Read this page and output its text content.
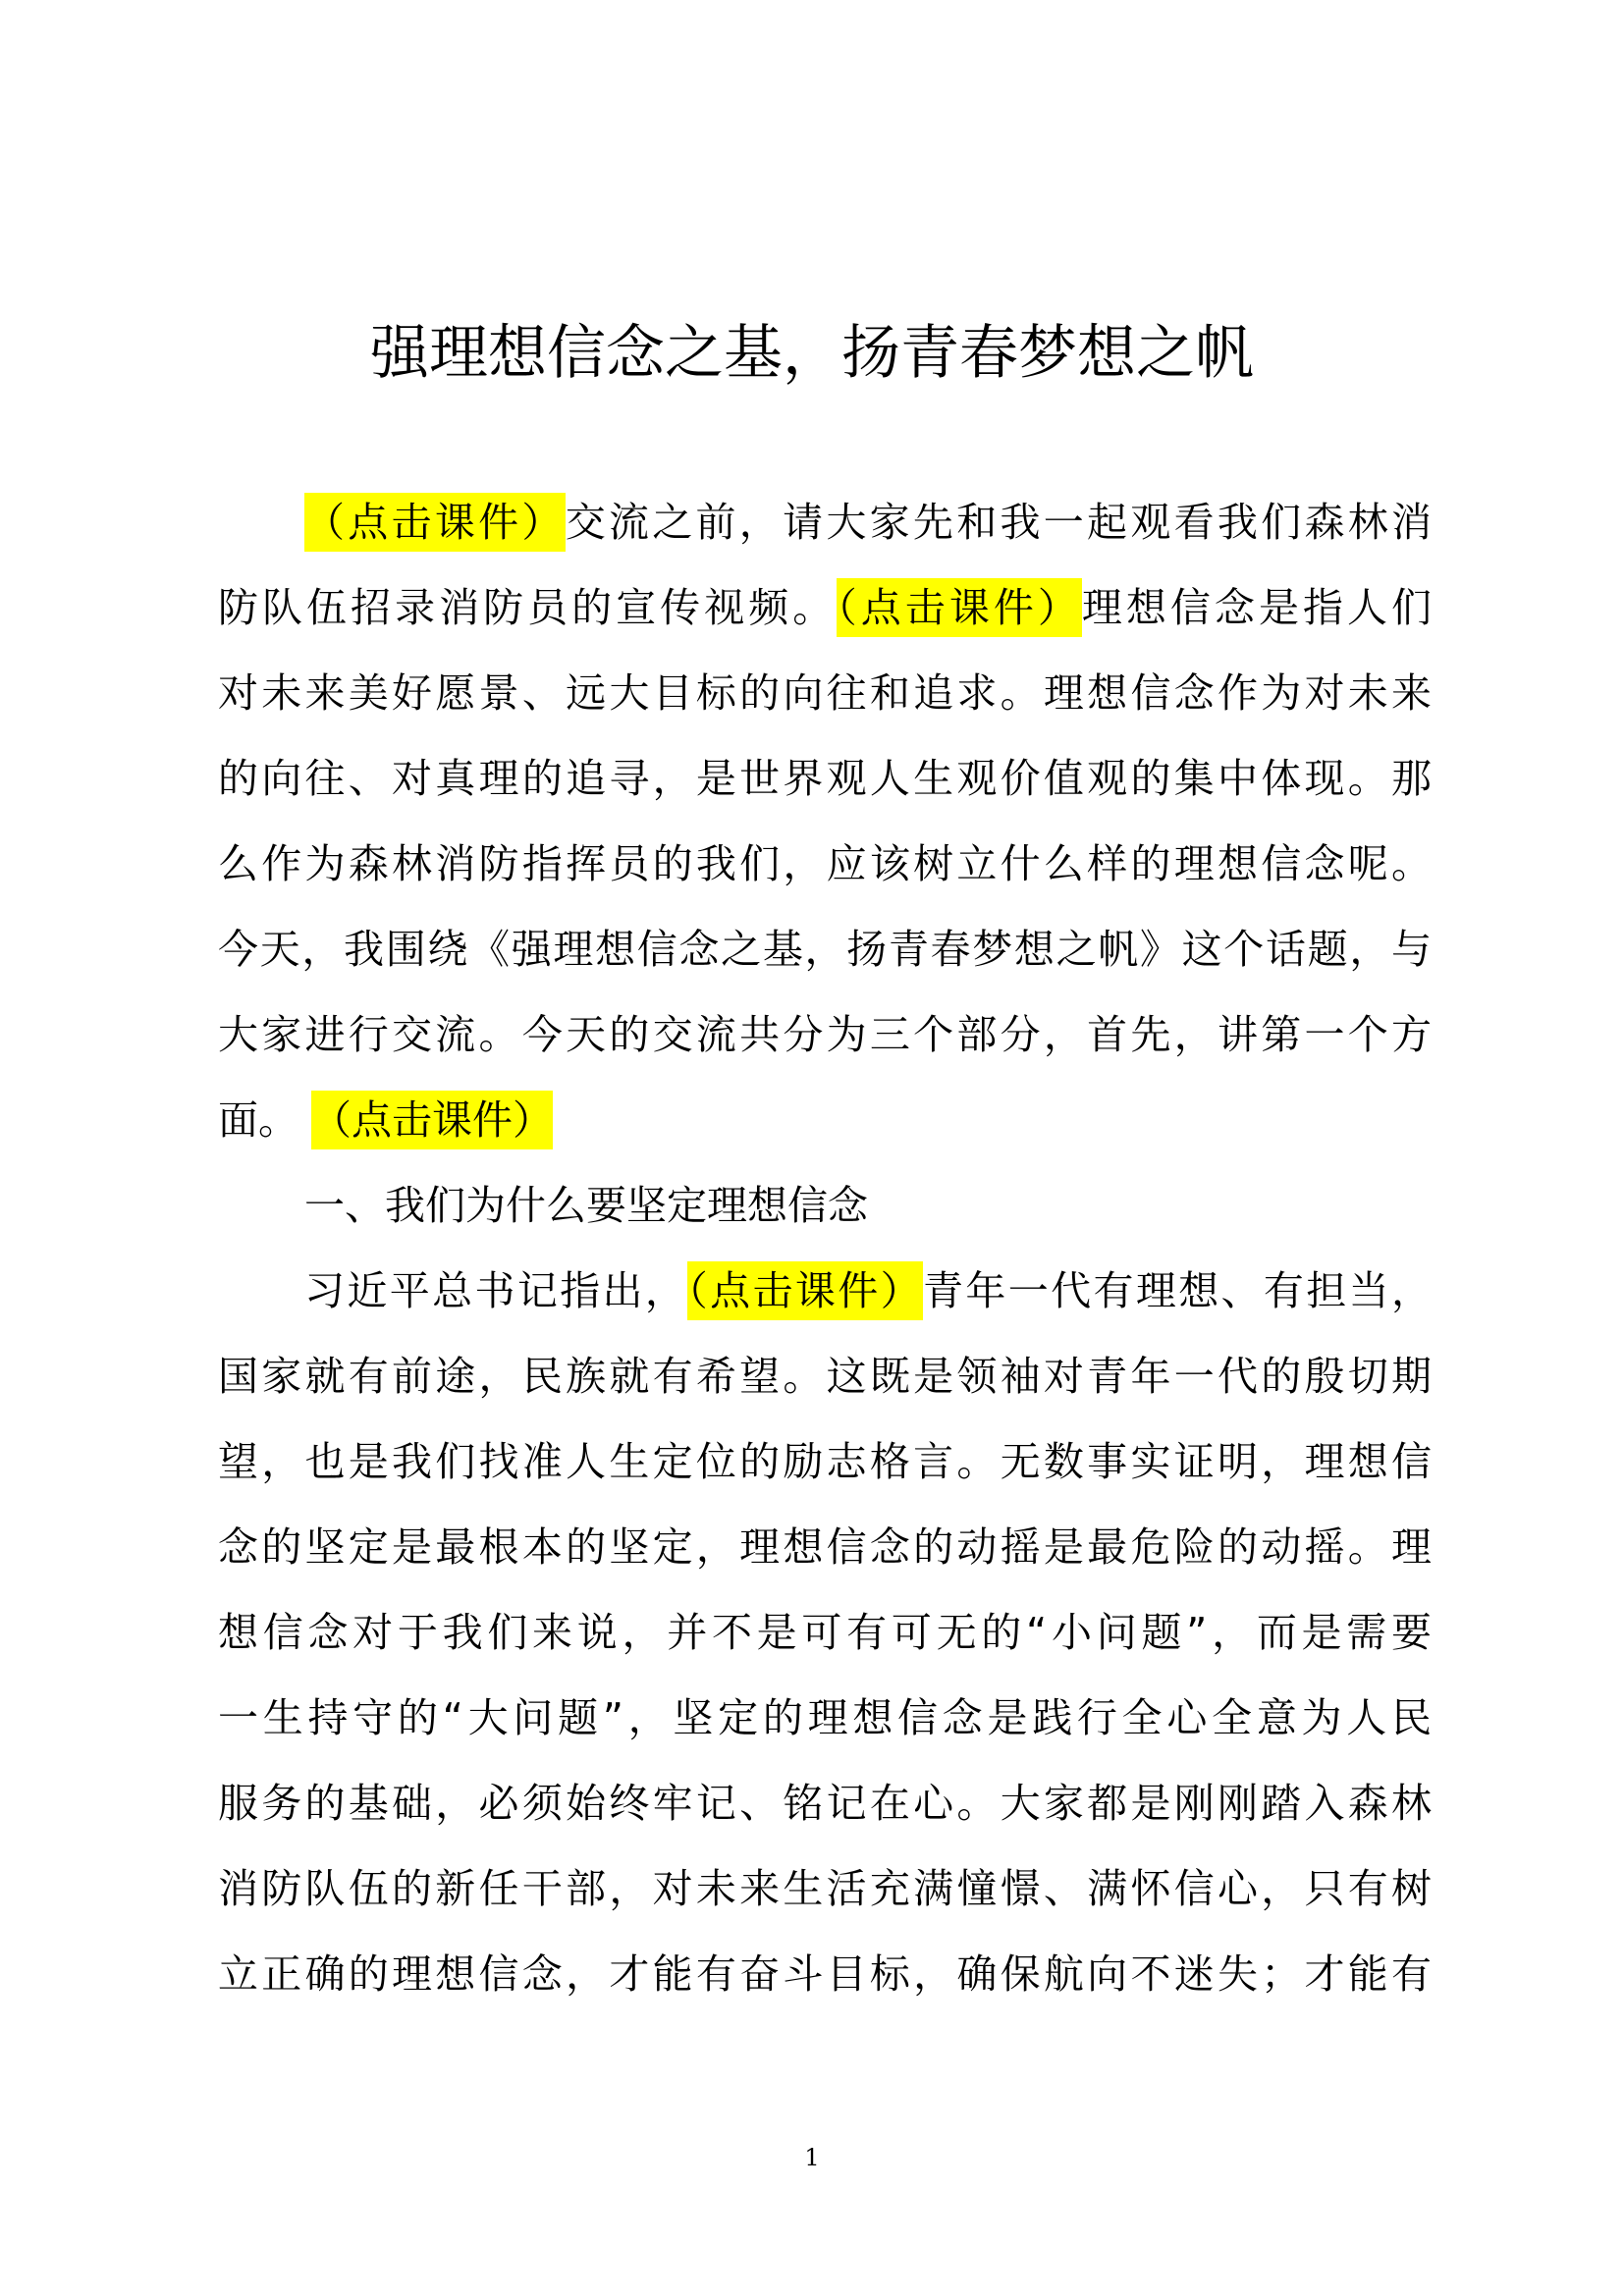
强理想信念之基，扬青春梦想之帆
（点击课件）交流之前，请大家先和我一起观看我们森林消
防队伍招录消防员的宣传视频。（点击课件）理想信念是指人们
对未来美好愿景、远大目标的向往和追求。理想信念作为对未来
的向往、对真理的追寻，是世界观人生观价值观的集中体现。那
么作为森林消防指挥员的我们，应该树立什么样的理想信念呢。
今天，我围绕《强理想信念之基，扬青春梦想之帆》这个话题，与
大家进行交流。今天的交流共分为三个部分，首先，讲第一个方
面。 （点击课件）
一、我们为什么要坚定理想信念
习近平总书记指出，（点击课件）青年一代有理想、有担当，
国家就有前途，民族就有希望。这既是领袖对青年一代的殷切期
望，也是我们找准人生定位的励志格言。无数事实证明，理想信
念的坚定是最根本的坚定，理想信念的动摇是最危险的动摇。理
想信念对于我们来说，并不是可有可无的“小问题”，而是需要
一生持守的“大问题”，坚定的理想信念是践行全心全意为人民
服务的基础，必须始终牢记、铭记在心。大家都是刚刚踏入森林
消防队伍的新任干部，对未来生活充满憧憬、满怀信心，只有树
立正确的理想信念，才能有奋斗目标，确保航向不迷失；才能有
1
